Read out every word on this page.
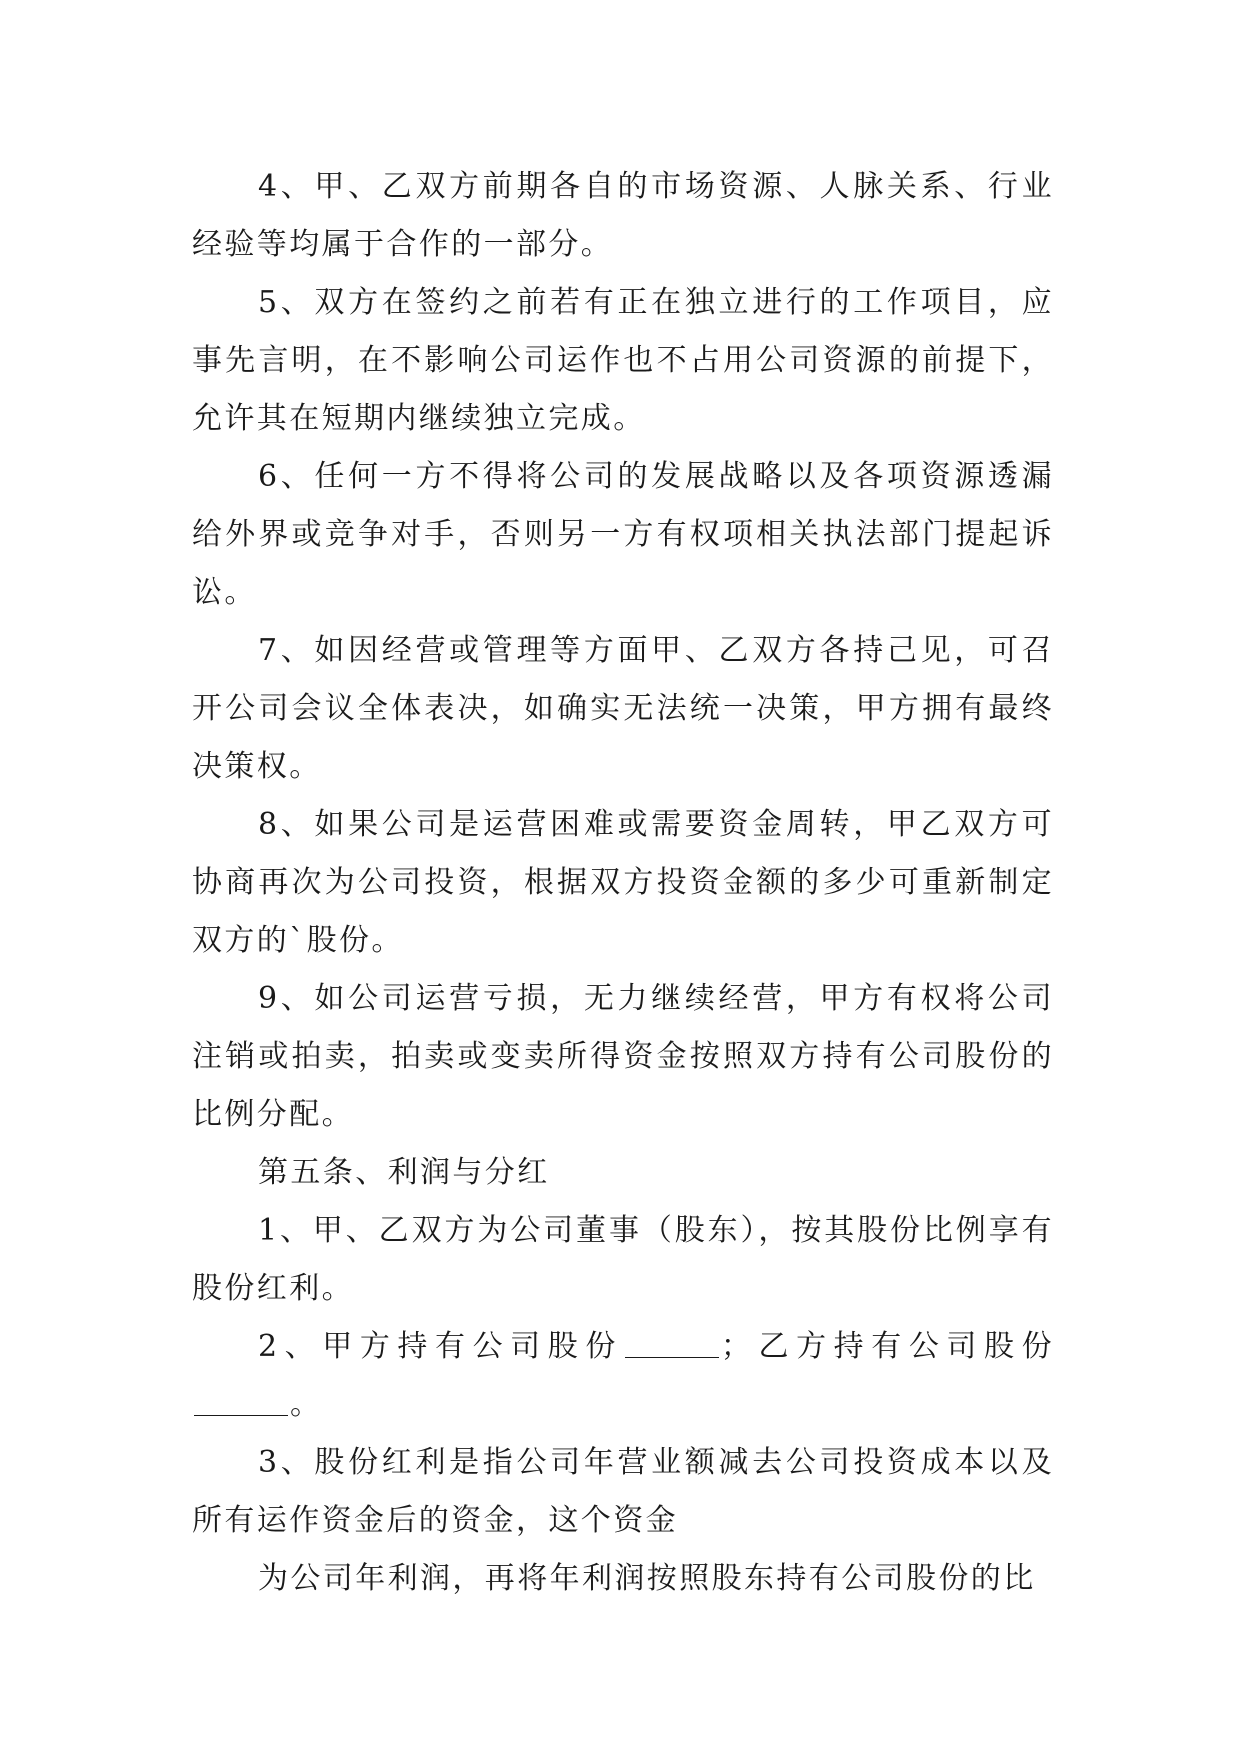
4、甲、乙双方前期各自的市场资源、人脉关系、行业经验等均属于合作的一部分。

5、双方在签约之前若有正在独立进行的工作项目，应事先言明，在不影响公司运作也不占用公司资源的前提下，允许其在短期内继续独立完成。

6、任何一方不得将公司的发展战略以及各项资源透漏给外界或竞争对手，否则另一方有权项相关执法部门提起诉讼。

7、如因经营或管理等方面甲、乙双方各持己见，可召开公司会议全体表决，如确实无法统一决策，甲方拥有最终决策权。

8、如果公司是运营困难或需要资金周转，甲乙双方可协商再次为公司投资，根据双方投资金额的多少可重新制定双方的`股份。

9、如公司运营亏损，无力继续经营，甲方有权将公司注销或拍卖，拍卖或变卖所得资金按照双方持有公司股份的比例分配。

第五条、利润与分红

1、甲、乙双方为公司董事（股东），按其股份比例享有股份红利。

2、甲方持有公司股份	；乙方持有公司股份。

3、股份红利是指公司年营业额减去公司投资成本以及所有运作资金后的资金，这个资金

为公司年利润，再将年利润按照股东持有公司股份的比
